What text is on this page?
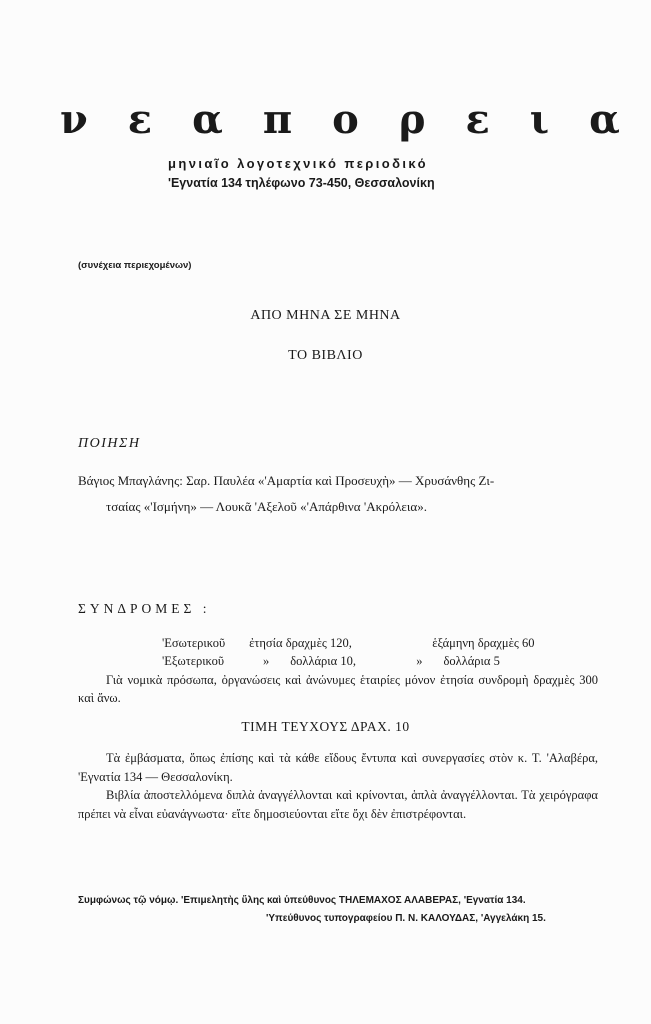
ν ε α π ο ρ ε ι α
μηνιαῖο λογοτεχνικό περιοδικό
'Εγνατία 134 τηλέφωνο 73-450, Θεσσαλονίκη
(συνέχεια περιεχομένων)
ΑΠΟ ΜΗΝΑ ΣΕ ΜΗΝΑ
ΤΟ ΒΙΒΛΙΟ
ΠΟΙΗΣΗ
Βάγιος Μπαγλάνης: Σαρ. Παυλέα «'Αμαρτία καὶ Προσευχὴ» — Χρυσάνθης Ζι-
τσαίας «'Ισμήνη» — Λουκᾶ 'Αξελοῦ «'Απάρθινα 'Ακρόλεια».
ΣΥΝΔΡΟΜΕΣ :
'Εσωτερικοῦ ἐτησία δραχμὲς 120,	ἑξάμηνη δραχμὲς 60
'Εξωτερικοῦ	» δολλάρια 10,	» δολλάρια 5
Γιὰ νομικὰ πρόσωπα, ὀργανώσεις καὶ ἀνώνυμες ἑταιρίες μόνον ἐτησία συνδρομὴ δραχμὲς 300 καὶ ἄνω.
ΤΙΜΗ ΤΕΥΧΟΥΣ ΔΡΑΧ. 10
Τὰ ἐμβάσματα, ὅπως ἐπίσης καὶ τὰ κάθε εἴδους ἔντυπα καὶ συνεργασίες στὸν κ. Τ. 'Αλαβέρα, 'Εγνατία 134 — Θεσσαλονίκη.
Βιβλία ἀποστελλόμενα διπλὰ ἀναγγέλλονται καὶ κρίνονται, ἁπλὰ ἀναγγέλλονται. Τὰ χειρόγραφα πρέπει νὰ εἶναι εὐανάγνωστα· εἴτε δημοσιεύονται εἴτε ὄχι δὲν ἐπιστρέφονται.
Συμφώνως τῷ νόμῳ. 'Επιμελητὴς ὕλης καὶ ὑπεύθυνος ΤΗΛΕΜΑΧΟΣ ΑΛΑΒΕΡΑΣ, 'Εγνατία 134.
'Υπεύθυνος τυπογραφείου Π. Ν. ΚΑΛΟΥΔΑΣ, 'Αγγελάκη 15.
